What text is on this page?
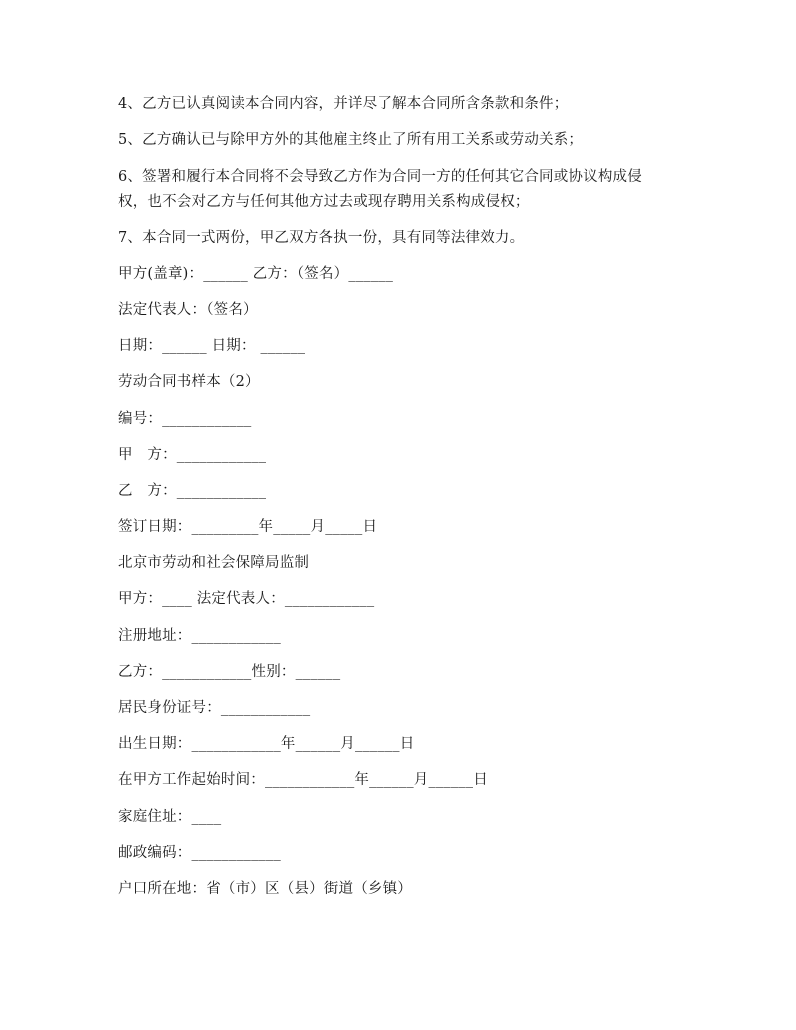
4、乙方已认真阅读本合同内容，并详尽了解本合同所含条款和条件；
5、乙方确认已与除甲方外的其他雇主终止了所有用工关系或劳动关系；
6、签署和履行本合同将不会导致乙方作为合同一方的任何其它合同或协议构成侵
权，也不会对乙方与任何其他方过去或现存聘用关系构成侵权；
7、本合同一式两份，甲乙双方各执一份，具有同等法律效力。
甲方(盖章)：______ 乙方：（签名）______
法定代表人：（签名）
日期：______ 日期： ______
劳动合同书样本（2）
编号：____________
甲　方：____________
乙　方：____________
签订日期：_________年_____月_____日
北京市劳动和社会保障局监制
甲方：____ 法定代表人：____________
注册地址：____________
乙方：____________性别：______
居民身份证号：____________
出生日期：____________年______月______日
在甲方工作起始时间：____________年______月______日
家庭住址：____
邮政编码：____________
户口所在地：省（市）区（县）街道（乡镇）
